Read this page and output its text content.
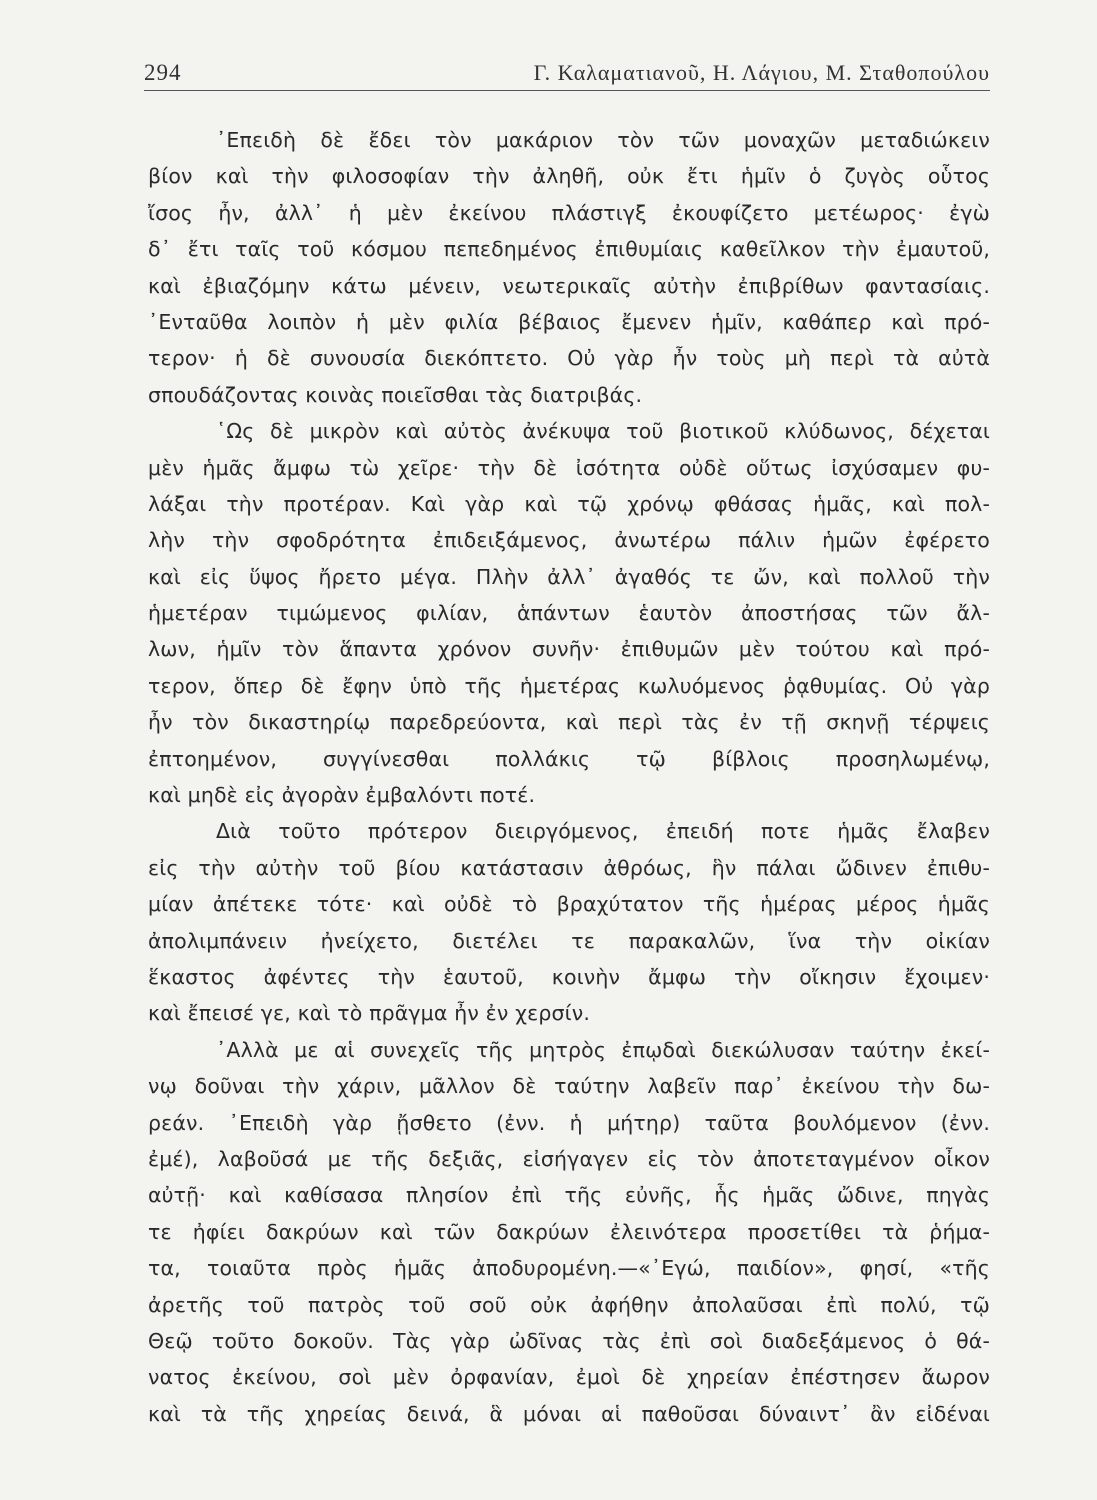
294	Γ. Καλαματιανοῦ, Η. Λάγιου, Μ. Σταθοπούλου
᾿Επειδὴ δὲ ἔδει τὸν μακάριον τὸν τῶν μοναχῶν μεταδιώκειν
βίον καὶ τὴν φιλοσοφίαν τὴν ἀληθῆ, οὐκ ἔτι ἡμῖν ὁ ζυγὸς οὗτος
ἴσος ἦν, ἀλλ᾿ ἡ μὲν ἐκείνου πλάστιγξ ἐκουφίζετο μετέωρος· ἐγὼ
δ᾿ ἔτι ταῖς τοῦ κόσμου πεπεδημένος ἐπιθυμίαις καθεῖλκον τὴν ἐμαυτοῦ,
καὶ ἐβιαζόμην κάτω μένειν, νεωτερικαῖς αὐτὴν ἐπιβρίθων φαντασίαις.
᾿Ενταῦθα λοιπὸν ἡ μὲν φιλία βέβαιος ἔμενεν ἡμῖν, καθάπερ καὶ πρό-
τερον· ἡ δὲ συνουσία διεκόπτετο. Οὐ γὰρ ἦν τοὺς μὴ περὶ τὰ αὐτὰ
σπουδάζοντας κοινὰς ποιεῖσθαι τὰς διατριβάς.
῾Ως δὲ μικρὸν καὶ αὐτὸς ἀνέκυψα τοῦ βιοτικοῦ κλύδωνος, δέχεται
μὲν ἡμᾶς ἄμφω τὼ χεῖρε· τὴν δὲ ἰσότητα οὐδὲ οὕτως ἰσχύσαμεν φυ-
λάξαι τὴν προτέραν. Καὶ γὰρ καὶ τῷ χρόνῳ φθάσας ἡμᾶς, καὶ πολ-
λὴν τὴν σφοδρότητα ἐπιδειξάμενος, ἀνωτέρω πάλιν ἡμῶν ἐφέρετο
καὶ εἰς ὕψος ἤρετο μέγα. Πλὴν ἀλλ᾿ ἀγαθός τε ὤν, καὶ πολλοῦ τὴν
ἡμετέραν τιμώμενος φιλίαν, ἁπάντων ἑαυτὸν ἀποστήσας τῶν ἄλ-
λων, ἡμῖν τὸν ἅπαντα χρόνον συνῆν· ἐπιθυμῶν μὲν τούτου καὶ πρό-
τερον, ὅπερ δὲ ἔφην ὑπὸ τῆς ἡμετέρας κωλυόμενος ῥᾳθυμίας. Οὐ γὰρ
ἦν τὸν δικαστηρίῳ παρεδρεύοντα, καὶ περὶ τὰς ἐν τῇ σκηνῇ τέρψεις
ἐπτοημένον, συγγίνεσθαι πολλάκις τῷ βίβλοις προσηλωμένῳ,
καὶ μηδὲ εἰς ἀγορὰν ἐμβαλόντι ποτέ.
Διὰ τοῦτο πρότερον διειργόμενος, ἐπειδή ποτε ἡμᾶς ἔλαβεν
εἰς τὴν αὐτὴν τοῦ βίου κατάστασιν ἀθρόως, ἣν πάλαι ὤδινεν ἐπιθυ-
μίαν ἀπέτεκε τότε· καὶ οὐδὲ τὸ βραχύτατον τῆς ἡμέρας μέρος ἡμᾶς
ἀπολιμπάνειν ἠνείχετο, διετέλει τε παρακαλῶν, ἵνα τὴν οἰκίαν
ἕκαστος ἀφέντες τὴν ἑαυτοῦ, κοινὴν ἄμφω τὴν οἴκησιν ἔχοιμεν·
καὶ ἔπεισέ γε, καὶ τὸ πρᾶγμα ἦν ἐν χερσίν.
᾿Αλλὰ με αἱ συνεχεῖς τῆς μητρὸς ἐπῳδαὶ διεκώλυσαν ταύτην ἐκεί-
νῳ δοῦναι τὴν χάριν, μᾶλλον δὲ ταύτην λαβεῖν παρ᾿ ἐκείνου τὴν δω-
ρεάν. ᾿Επειδὴ γὰρ ᾔσθετο (ἐνν. ἡ μήτηρ) ταῦτα βουλόμενον (ἐνν.
ἐμέ), λαβοῦσά με τῆς δεξιᾶς, εἰσήγαγεν εἰς τὸν ἀποτεταγμένον οἶκον
αὐτῇ· καὶ καθίσασα πλησίον ἐπὶ τῆς εὐνῆς, ἧς ἡμᾶς ὤδινε, πηγὰς
τε ἠφίει δακρύων καὶ τῶν δακρύων ἐλεινότερα προσετίθει τὰ ῥήμα-
τα, τοιαῦτα πρὸς ἡμᾶς ἀποδυρομένη.—«᾿Εγώ, παιδίον», φησί, «τῆς
ἀρετῆς τοῦ πατρὸς τοῦ σοῦ οὐκ ἀφήθην ἀπολαῦσαι ἐπὶ πολύ, τῷ
Θεῷ τοῦτο δοκοῦν. Τὰς γὰρ ὠδῖνας τὰς ἐπὶ σοὶ διαδεξάμενος ὁ θά-
νατος ἐκείνου, σοὶ μὲν ὀρφανίαν, ἐμοὶ δὲ χηρείαν ἐπέστησεν ἄωρον
καὶ τὰ τῆς χηρείας δεινά, ἃ μόναι αἱ παθοῦσαι δύναιντ᾿ ἂν εἰδέναι
